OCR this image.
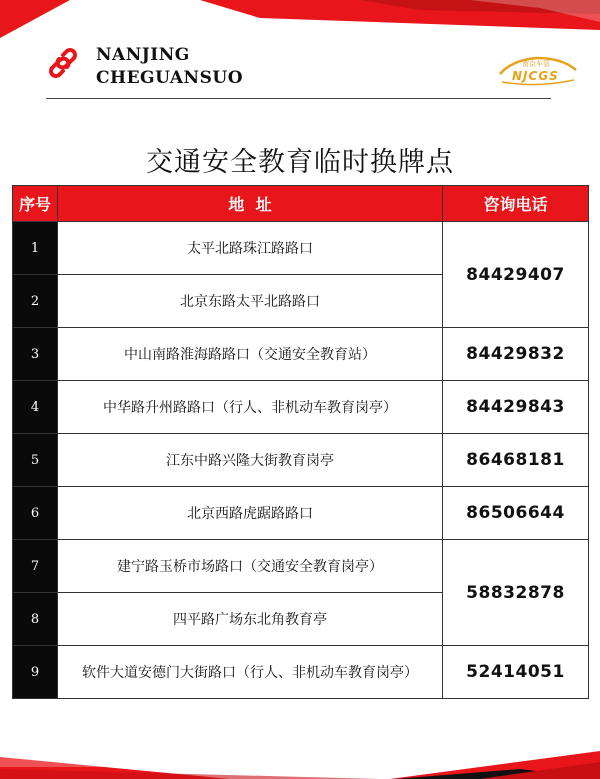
NANJING
CHEGUANSUO
南京车管
NJCGS
交通安全教育临时换牌点
序号	地  址	咨询电话
1	太平北路珠江路路口	84429407
2	北京东路太平北路路口	
3	中山南路淮海路路口（交通安全教育站）	84429832
4	中华路升州路路口（行人、非机动车教育岗亭）	84429843
5	江东中路兴隆大街教育岗亭	86468181
6	北京西路虎踞路路口	86506644
7	建宁路玉桥市场路口（交通安全教育岗亭）	58832878
8	四平路广场东北角教育亭	
9	软件大道安德门大街路口（行人、非机动车教育岗亭）	52414051
